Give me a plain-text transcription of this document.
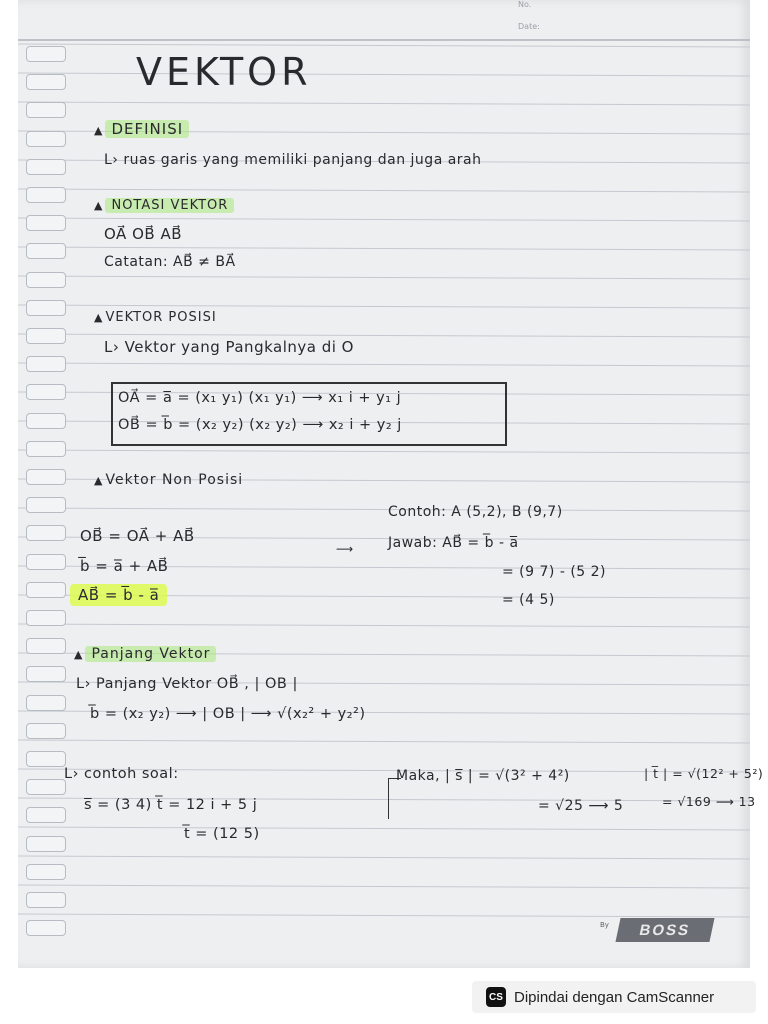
No.
Date:
VEKTOR
▲ DEFINISI
L› ruas garis yang memiliki panjang dan juga arah
▲ NOTASI VEKTOR
OA⃗ OB⃗ AB⃗
Catatan: AB⃗ ≠ BA⃗
▲ VEKTOR POSISI
L› Vektor yang Pangkalnya di O
OA⃗ = a̅ = (x₁ y₁) (x₁ y₁) ⟶ x₁ i + y₁ j
OB⃗ = b̅ = (x₂ y₂) (x₂ y₂) ⟶ x₂ i + y₂ j
▲ Vektor Non Posisi
OB⃗ = OA⃗ + AB⃗
b̅ = a̅ + AB⃗
AB⃗ = b̅ - a̅
⟶
Contoh: A (5,2), B (9,7)
Jawab: AB⃗ = b̅ - a̅
= (9 7) - (5 2)
= (4 5)
▲ Panjang Vektor
L› Panjang Vektor OB⃗ , | OB |
b̅ = (x₂ y₂) ⟶ | OB | ⟶ √(x₂² + y₂²)
L› contoh soal:
s̅ = (3 4) t̅ = 12 i + 5 j
t̅ = (12 5)
Maka, | s̅ | = √(3² + 4²)
= √25 ⟶ 5
| t̅ | = √(12² + 5²)
= √169 ⟶ 13
By	BOSS
CS Dipindai dengan CamScanner
